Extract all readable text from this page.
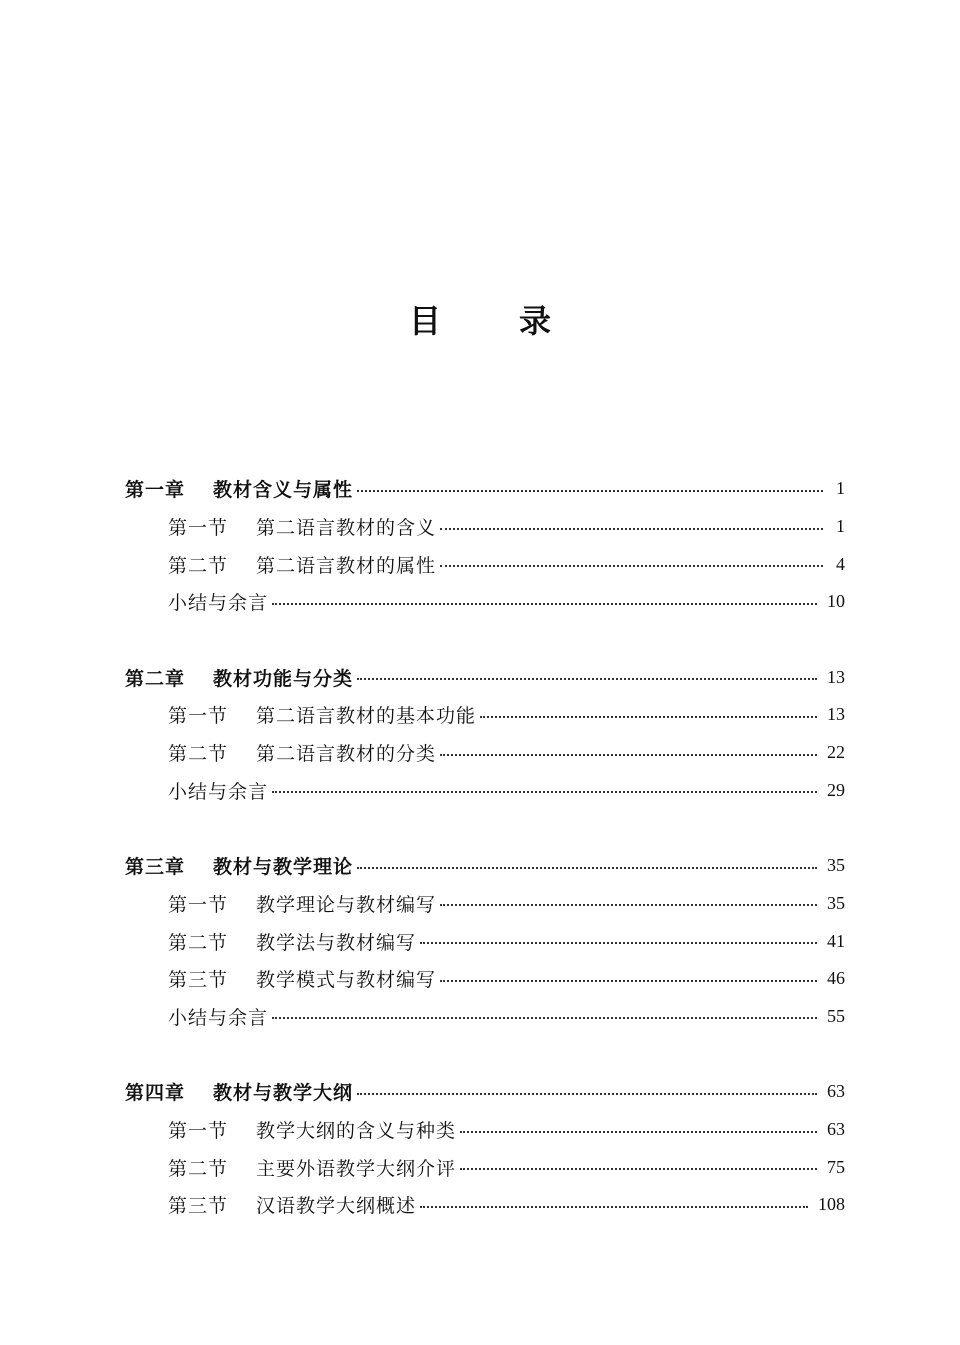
目 录
第一章	教材含义与属性	1
第一节	第二语言教材的含义	1
第二节	第二语言教材的属性	4
小结与余言	10
第二章	教材功能与分类	13
第一节	第二语言教材的基本功能	13
第二节	第二语言教材的分类	22
小结与余言	29
第三章	教材与教学理论	35
第一节	教学理论与教材编写	35
第二节	教学法与教材编写	41
第三节	教学模式与教材编写	46
小结与余言	55
第四章	教材与教学大纲	63
第一节	教学大纲的含义与种类	63
第二节	主要外语教学大纲介评	75
第三节	汉语教学大纲概述	108
